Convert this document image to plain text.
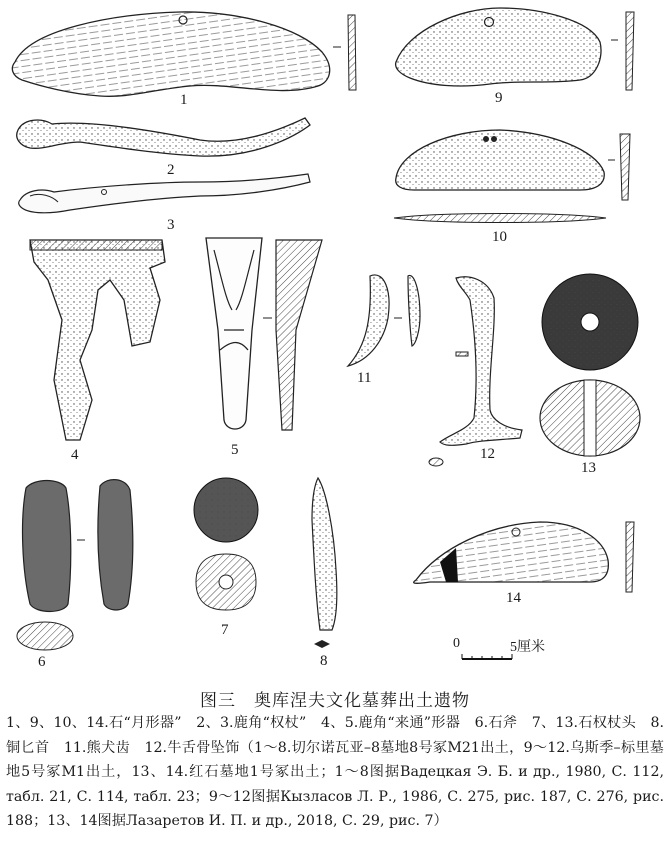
1
2
3
4	5
6
7
8
9
10
11
12
13
14
0	5厘米
图三　奥库涅夫文化墓葬出土遗物
1、9、10、14.石“月形器”　2、3.鹿角“权杖”　4、5.鹿角“来通”形器　6.石斧　7、13.石权杖头　8.铜匕首　11.熊犬齿　12.牛舌骨坠饰（1～8.切尔诺瓦亚–8墓地8号冢M21出土，9～12.乌斯季–标里墓地5号冢M1出土，13、14.红石墓地1号冢出土；1～8图据Вадецкая Э. Б. и др., 1980, С. 112, табл. 21, С. 114, табл. 23；9～12图据Кызласов Л. Р., 1986, С. 275, рис. 187, С. 276, рис. 188；13、14图据Лазаретов И. П. и др., 2018, С. 29, рис. 7）
